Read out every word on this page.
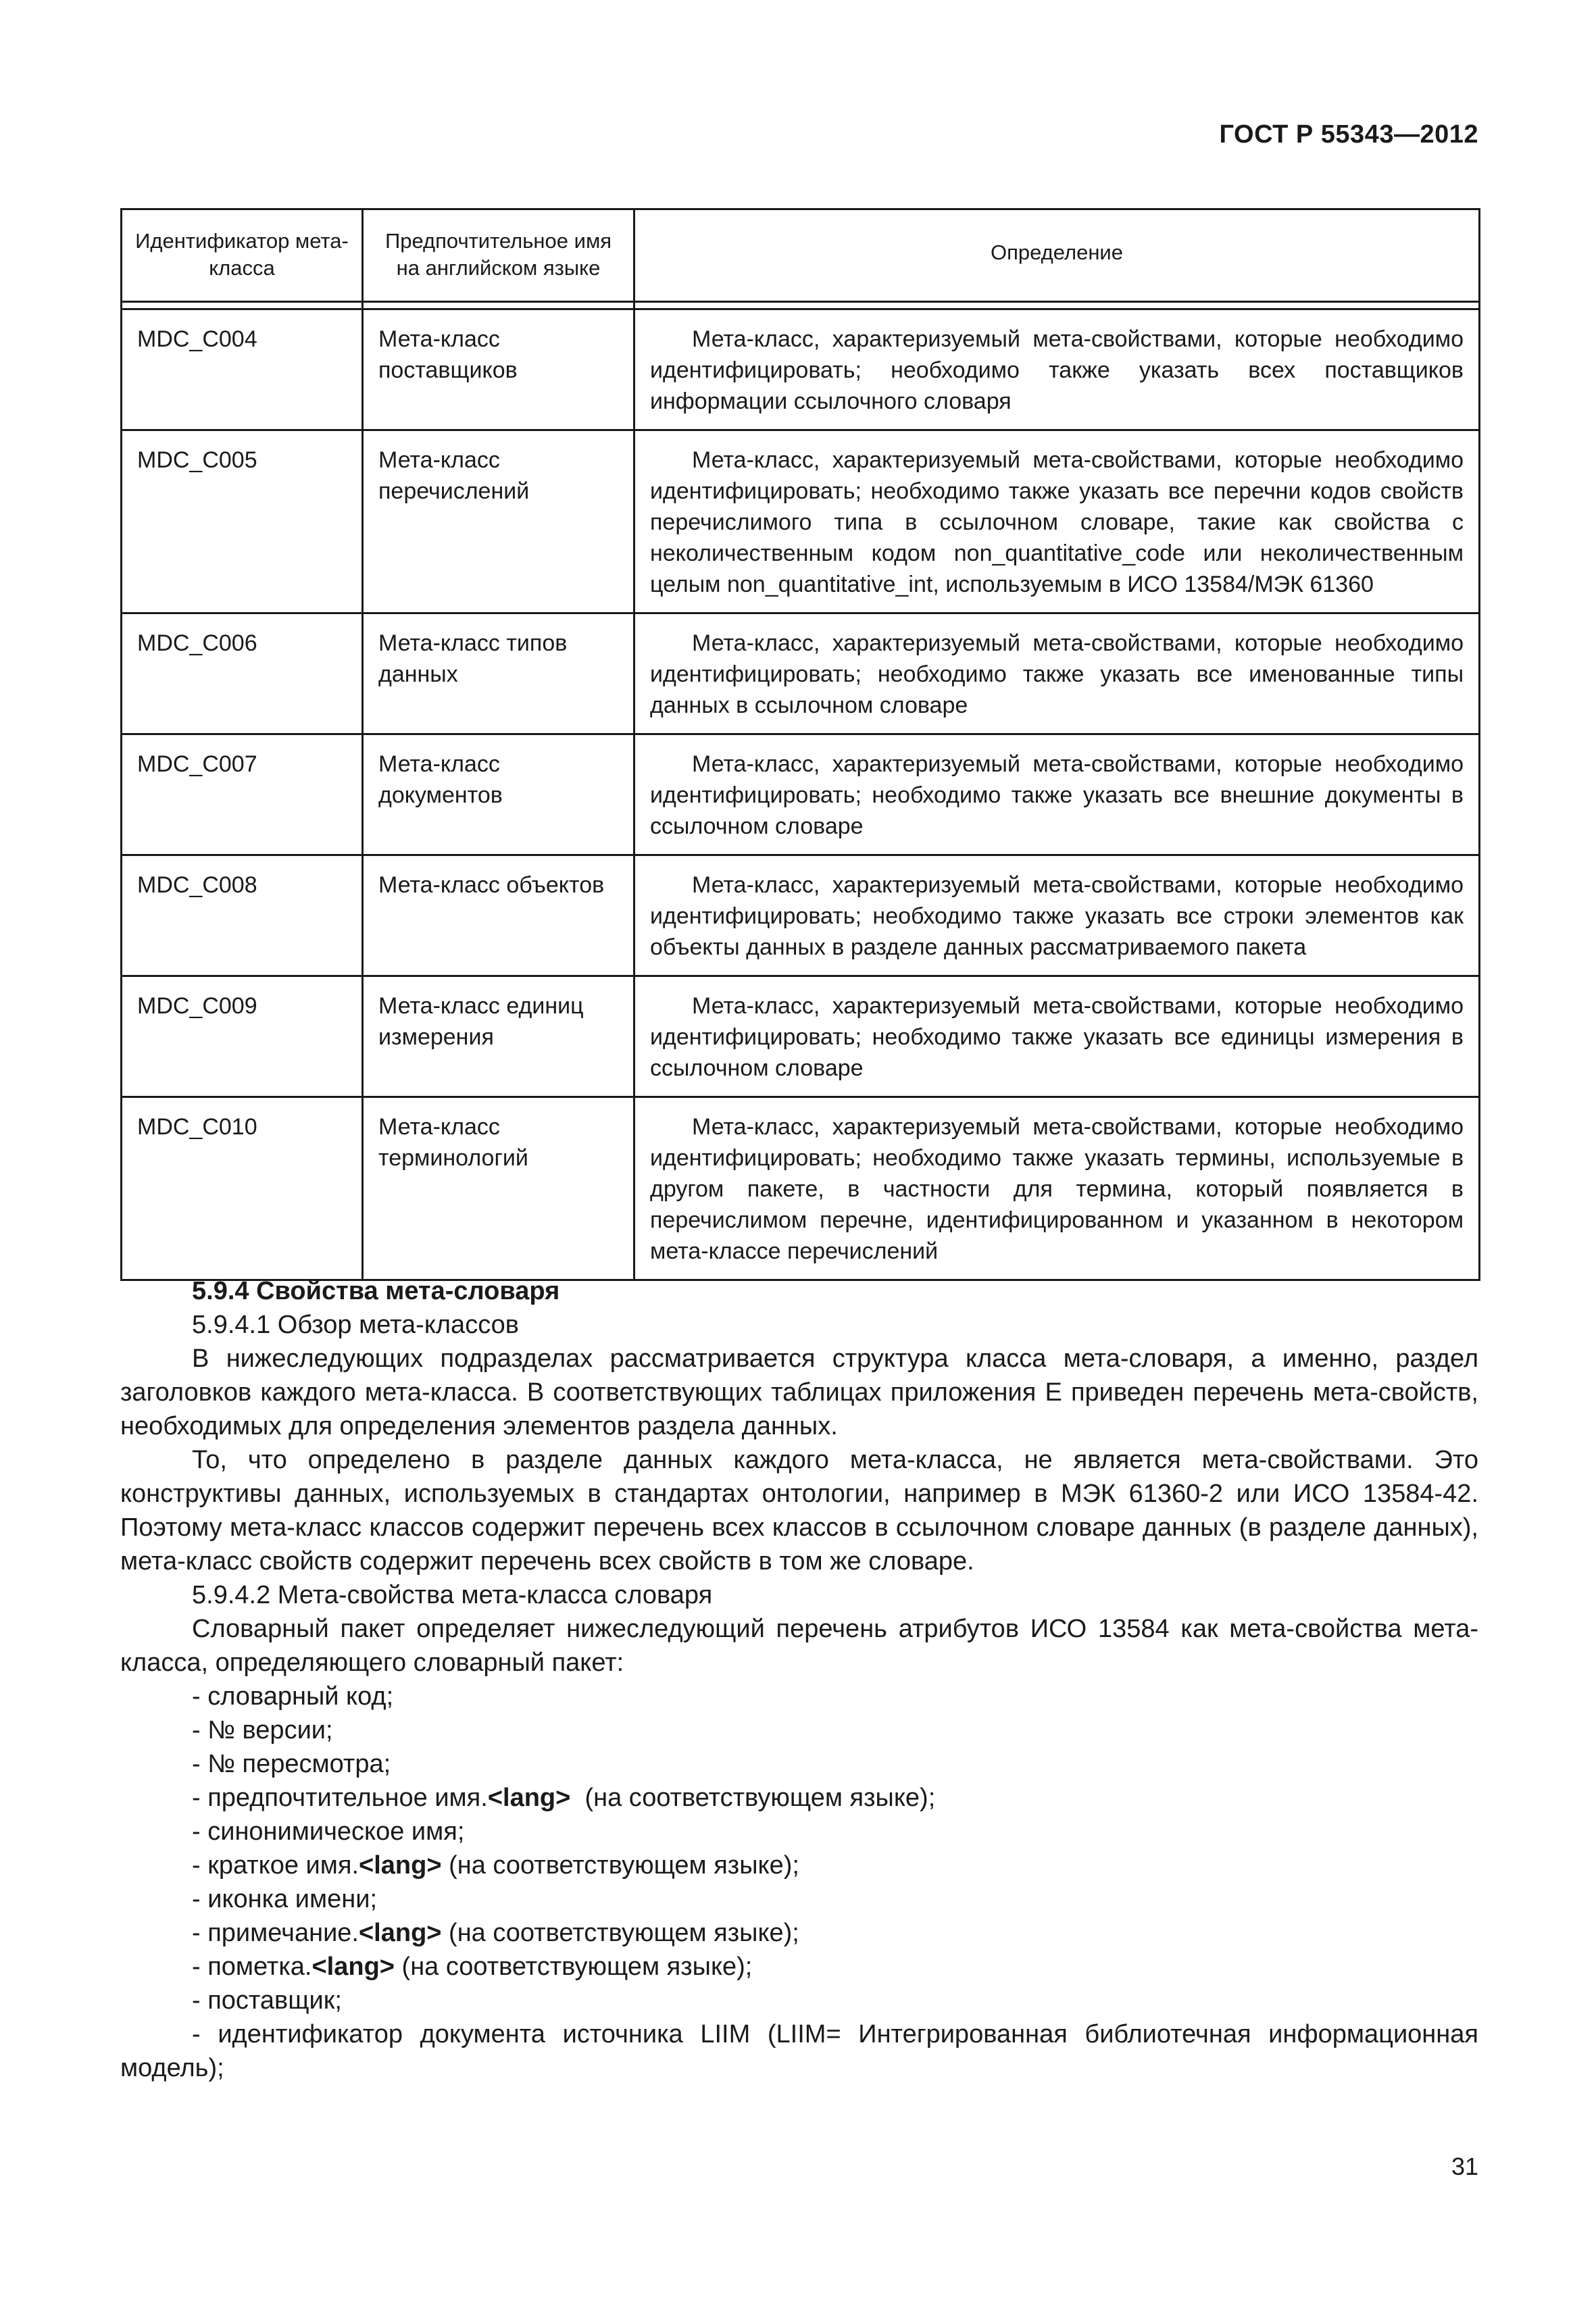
ГОСТ Р 55343—2012
Идентификатор мета-класса	Предпочтительное имя на английском языке	Определение

MDC_C004	Мета-класс поставщиков	Мета-класс, характеризуемый мета-свойствами, которые необходимо идентифицировать; необходимо также указать всех поставщиков информации ссылочного словаря
MDC_C005	Мета-класс перечислений	Мета-класс, характеризуемый мета-свойствами, которые необходимо идентифицировать; необходимо также указать все перечни кодов свойств перечислимого типа в ссылочном словаре, такие как свойства с неколичественным кодом non_quantitative_code или неколичественным целым non_quantitative_int, используемым в ИСО 13584/МЭК 61360
MDC_C006	Мета-класс типов данных	Мета-класс, характеризуемый мета-свойствами, которые необходимо идентифицировать; необходимо также указать все именованные типы данных в ссылочном словаре
MDC_C007	Мета-класс документов	Мета-класс, характеризуемый мета-свойствами, которые необходимо идентифицировать; необходимо также указать все внешние документы в ссылочном словаре
MDC_C008	Мета-класс объектов	Мета-класс, характеризуемый мета-свойствами, которые необходимо идентифицировать; необходимо также указать все строки элементов как объекты данных в разделе данных рассматриваемого пакета
MDC_C009	Мета-класс единиц измерения	Мета-класс, характеризуемый мета-свойствами, которые необходимо идентифицировать; необходимо также указать все единицы измерения в ссылочном словаре
MDC_C010	Мета-класс терминологий	Мета-класс, характеризуемый мета-свойствами, которые необходимо идентифицировать; необходимо также указать термины, используемые в другом пакете, в частности для термина, который появляется в перечислимом перечне, идентифицированном и указанном в некотором мета-классе перечислений

5.9.4 Свойства мета-словаря

5.9.4.1 Обзор мета-классов

В нижеследующих подразделах рассматривается структура класса мета-словаря, а именно, раздел заголовков каждого мета-класса. В соответствующих таблицах приложения Е приведен перечень мета-свойств, необходимых для определения элементов раздела данных.

То, что определено в разделе данных каждого мета-класса, не является мета-свойствами. Это конструктивы данных, используемых в стандартах онтологии, например в МЭК 61360-2 или ИСО 13584-42. Поэтому мета-класс классов содержит перечень всех классов в ссылочном словаре данных (в разделе данных), мета-класс свойств содержит перечень всех свойств в том же словаре.

5.9.4.2 Мета-свойства мета-класса словаря

Словарный пакет определяет нижеследующий перечень атрибутов ИСО 13584 как мета-свойства мета-класса, определяющего словарный пакет:

- словарный код;

- № версии;

- № пересмотра;

- предпочтительное имя.<lang>  (на соответствующем языке);

- синонимическое имя;

- краткое имя.<lang> (на соответствующем языке);

- иконка имени;

- примечание.<lang> (на соответствующем языке);

- пометка.<lang> (на соответствующем языке);

- поставщик;

- идентификатор документа источника LIIM (LIIM= Интегрированная библиотечная информационная модель);

31
